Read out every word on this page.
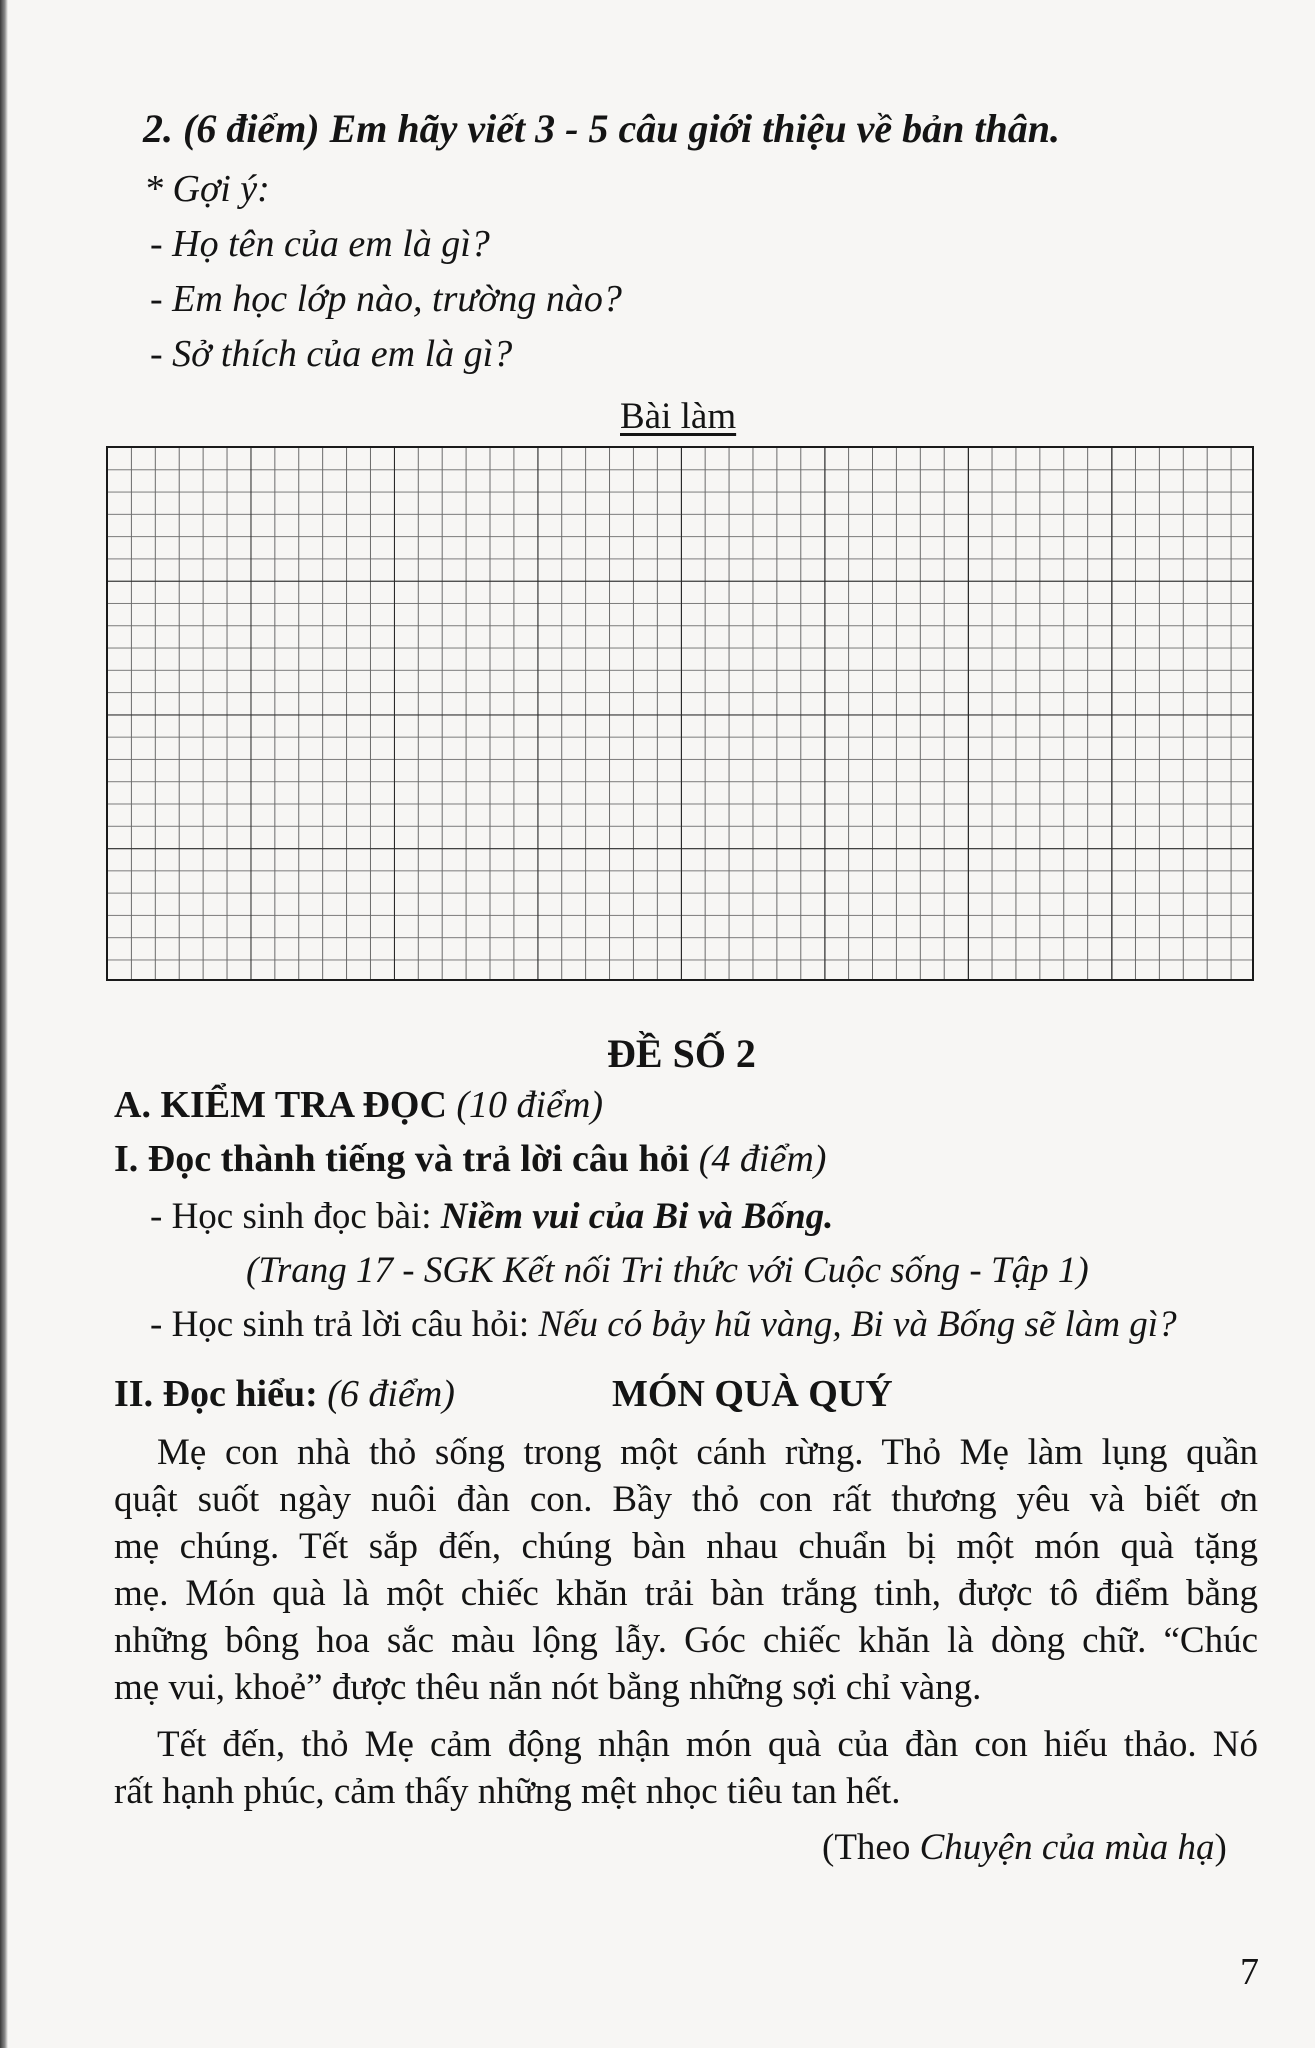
2. (6 điểm) Em hãy viết 3 - 5 câu giới thiệu về bản thân.
* Gợi ý:
- Họ tên của em là gì?
- Em học lớp nào, trường nào?
- Sở thích của em là gì?
Bài làm
ĐỀ SỐ 2
A. KIỂM TRA ĐỌC (10 điểm)
I. Đọc thành tiếng và trả lời câu hỏi (4 điểm)
- Học sinh đọc bài: Niềm vui của Bi và Bống.
(Trang 17 - SGK Kết nối Tri thức với Cuộc sống - Tập 1)
- Học sinh trả lời câu hỏi: Nếu có bảy hũ vàng, Bi và Bống sẽ làm gì?
II. Đọc hiểu: (6 điểm)	MÓN QUÀ QUÝ
Mẹ con nhà thỏ sống trong một cánh rừng. Thỏ Mẹ làm lụng quần
quật suốt ngày nuôi đàn con. Bầy thỏ con rất thương yêu và biết ơn
mẹ chúng. Tết sắp đến, chúng bàn nhau chuẩn bị một món quà tặng
mẹ. Món quà là một chiếc khăn trải bàn trắng tinh, được tô điểm bằng
những bông hoa sắc màu lộng lẫy. Góc chiếc khăn là dòng chữ. “Chúc
mẹ vui, khoẻ” được thêu nắn nót bằng những sợi chỉ vàng.
Tết đến, thỏ Mẹ cảm động nhận món quà của đàn con hiếu thảo. Nó
rất hạnh phúc, cảm thấy những mệt nhọc tiêu tan hết.
(Theo Chuyện của mùa hạ)
7
